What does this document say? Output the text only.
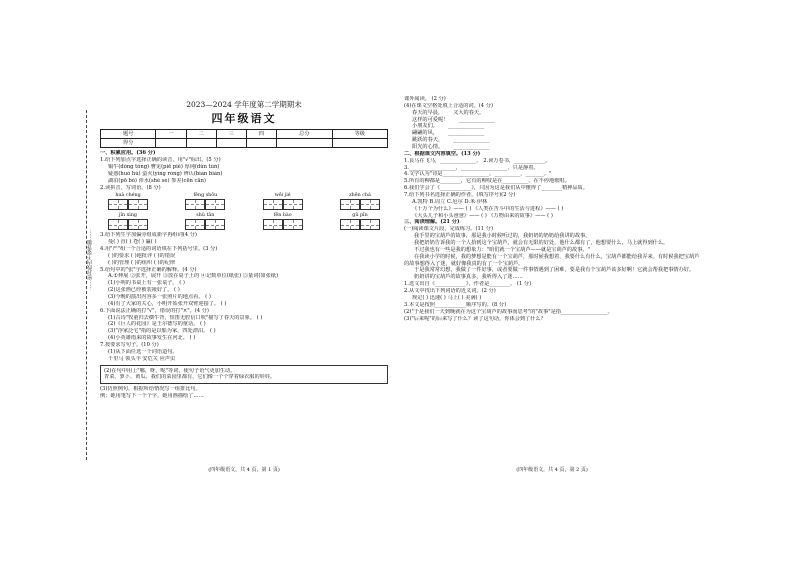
……密封线内不要答题……
2023—2024 学年度第二学期期末
四年级语文
题号	一	二	三	四	总分	等级
得分						
一、积累应用。(36 分)
1.给下列加点字选择正确的读音，用"√"标出。(5 分)
铜牛(dòng tóng) 瞥见(piē piě) 厚钝(dùn tún)
疑惑(huò hù) 萤火(yíng róng) 辨认(biàn biàn)
湖泊(pō bó) 涉水(shè sè) 参差(cēn cān)
2.读拼音，写词语。(8 分)
huà chéng	fēng shōu	wēi jié	zhēn chá
jǐn xìng	shǔ tǎn	fēn bào	gǔ pǐn
3.给下列生字加偏旁组成新字再组词(4 分)
曼( ) 直( ) 苍( ) 赢( )
4.用"严"组一个合适的词语填在下列括号里。(3 分)
( )的要求 ( )地批评 ( )的错误
( )的管理 ( )的组织 ( )的纪律
5.给句中的"张"字选择正确的解释。(4 分)
A.①伸展 ②张开，展开 ③放在桌子上的 ④记数单位(纸张) ⑤量词(如张纸)
(1)小明的书桌上有一张桌子。 ( )
(2)这张画已经被装裱好了。 ( )
(3)今晚的演出内容多一张照片的地点看。 ( )
(4)有了大家的关心，小明开始张开双臂迎接了。 ( )
6.下面说法正确的打"√"，错误的打"×"。(4 分)
(1)古诗"牧童归去横牛背，短笛无腔信口吹"描写了春天的景象。 ( )
(2)《巨人的花园》是王尔德写的童话。 ( )
(3)"浮家泛宅"指的是以船为家，四处漂泊。 ( )
(4)小英雄雨来的故事发生在河北。 ( )
7.按要求写句子。(10 分)
(1)从下面任选一个词语造句。
千里马 领头羊 安危关 应声虫
(2)在句中用上"哪，呀，呢"等词，使句子语气更加生动。
青菜、萝卜、黄瓜、我们的菜园里都有，它们像一个个穿着绿衣服的娃娃。
(3)仿照例句，根据所给情况写一组排比句。
例：她用笔写下一个个字，她用画描绘了……
(四年级语文，共 4 页，第 1 页)
课外阅读。 (2 分)
(4)在课文空格处填上合适的词。(4 分)
春天的早晨， 又大的春天。
这样的可爱呢！ ______________
小朋友们。 ______________
翩翩的风， ______________
跳跃的春天， ______________
阳光的心情。 ______________
二、根据课文内容填空。(13 分)
1.良马在飞马，______________。 2.读万卷书，____________。
3.__________________，__________________，只是静着。
4.文学认为"诗是__________________，__________，_______。"
5.所有的柳都是________，它有的柳枝是在__________，在不停地歌唱。
6.我们学会了《____________》，只因为这是我们从中懂得了________精神品质。
7.给下列书名选择正确的作者。(填写序号)(2 分)
A.凯特 B.周立 C.厄尔 D.米·伊林
《十万个为什么》—— ( ) 《人类在苦斗中的生活与进程》—— ( )
《大头儿子和小头爸爸》—— ( ) 《万物由来的故事》—— ( )
三、阅读理解。(21 分)
(一)阅读课文片段，完成练习。(11 分)
我手里的宝葫芦的故事，那是我小时候听过的，我奶奶的奶奶给我讲的故事。
我把奶奶告诉我的一个人拾到这个宝葫芦，就会有无限的好处，他什么都有了，他想要什么，马上就得到什么。
不过我也有一些是我的想象力："咱们就一个宝葫芦——就是宝葫芦的故事。"
在我读小学的时候，我的梦想是能有一个宝葫芦，那时候我想着，我要什么有什么，宝葫芦都能给我弄来。有时候我把宝葫芦的故事想得入了迷，就好像我真的有了一个宝葫芦。
于是我常常幻想，我做了一件好事，或者要做一件事情遇到了困难，要是我有个宝葫芦该多好啊！它就会帮我把事情办好。
奶奶讲的宝葫芦的故事真多，我听得入了迷……
1.选文出自《____________》，作者是________。 (1 分)
2.从文中找出下列词语的近义词。(2 分)
规定( ) 迅速( ) 马上( ) 美满( )
3.本文是按照____________顺序写的。(8 分)
(2)"于是我们一天到晚就在为这个宝葫芦的故事而思考"的"故事"是指__________________。
(3)"后来呢"的后来写了什么？读了这句话，你体会到了什么？
(四年级语文，共 4 页，第 2 页)
